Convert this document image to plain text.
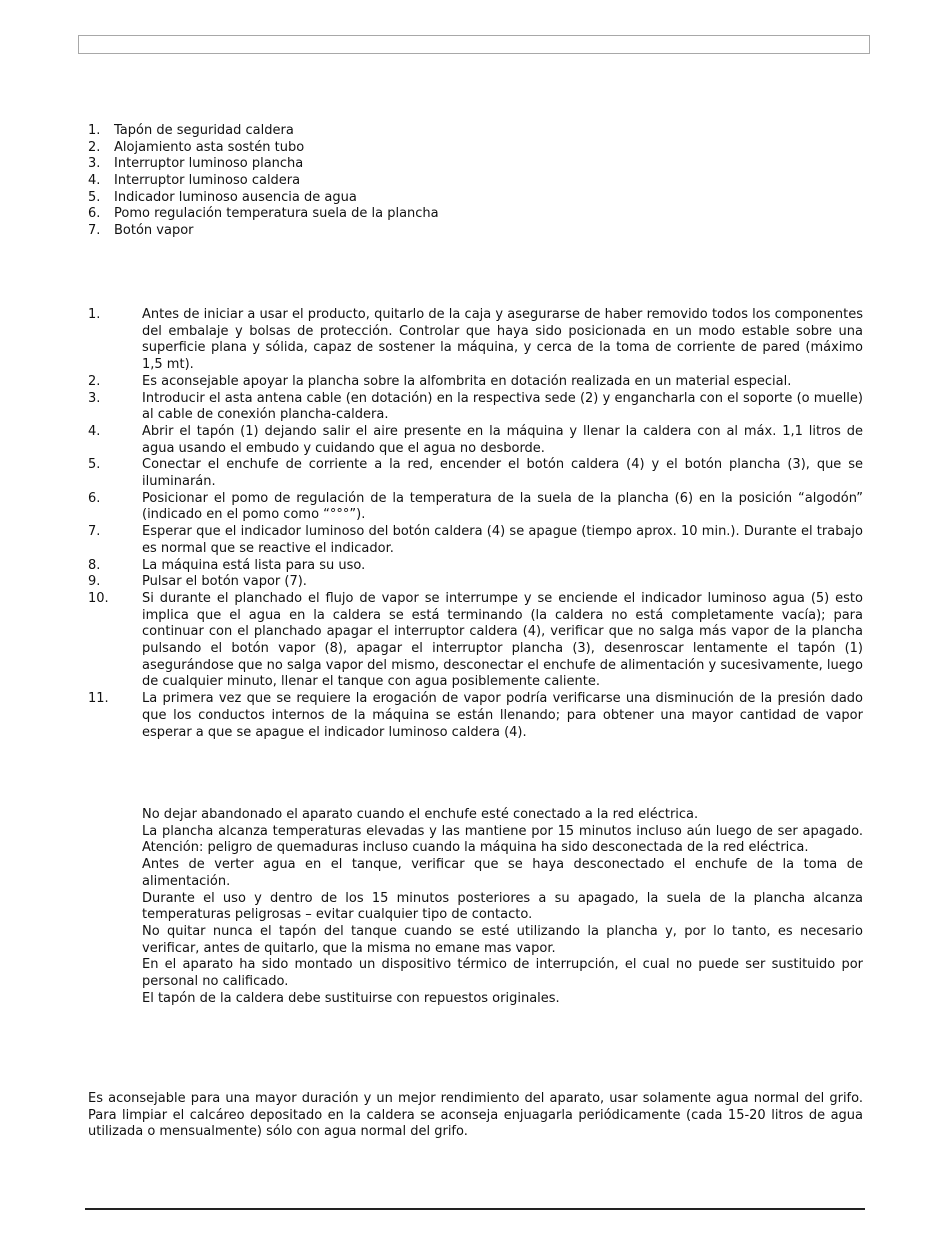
1.	Tapón de seguridad caldera
2.	Alojamiento asta sostén tubo
3.	Interruptor luminoso plancha
4.	Interruptor luminoso caldera
5.	Indicador luminoso ausencia de agua
6.	Pomo regulación temperatura suela de la plancha
7.	Botón vapor
1.	Antes de iniciar a usar el producto, quitarlo de la caja y asegurarse de haber removido todos los componentes del embalaje y bolsas de protección. Controlar que haya sido posicionada en un modo estable sobre una superficie plana y sólida, capaz de sostener la máquina, y cerca de la toma de corriente de pared (máximo 1,5 mt).
2.	Es aconsejable apoyar la plancha sobre la alfombrita en dotación realizada en un material especial.
3.	Introducir el asta antena cable (en dotación) en la respectiva sede (2) y engancharla con el soporte (o muelle) al cable de conexión plancha-caldera.
4.	Abrir el tapón (1) dejando salir el aire presente en la máquina y llenar la caldera con al máx. 1,1 litros de agua usando el embudo y cuidando que el agua no desborde.
5.	Conectar el enchufe de corriente a la red, encender el botón caldera (4) y el botón plancha (3), que se iluminarán.
6.	Posicionar el pomo de regulación de la temperatura de la suela de la plancha (6) en la posición “algodón” (indicado en el pomo como “°°°”).
7.	Esperar que el indicador luminoso del botón caldera (4) se apague (tiempo aprox. 10 min.). Durante el trabajo es normal que se reactive el indicador.
8.	La máquina está lista para su uso.
9.	Pulsar el botón vapor (7).
10.	Si durante el planchado el flujo de vapor se interrumpe y se enciende el indicador luminoso agua (5) esto implica que el agua en la caldera se está terminando (la caldera no está completamente vacía); para continuar con el planchado apagar el interruptor caldera (4), verificar que no salga más vapor de la plancha pulsando el botón vapor (8), apagar el interruptor plancha (3), desenroscar lentamente el tapón (1) asegurándose que no salga vapor del mismo, desconectar el enchufe de alimentación y sucesivamente, luego de cualquier minuto, llenar el tanque con agua posiblemente caliente.
11.	La primera vez que se requiere la erogación de vapor podría verificarse una disminución de la presión dado que los conductos internos de la máquina se están llenando; para obtener una mayor cantidad de vapor esperar a que se apague el indicador luminoso caldera (4).

No dejar abandonado el aparato cuando el enchufe esté conectado a la red eléctrica.

La plancha alcanza temperaturas elevadas y las mantiene por 15 minutos incluso aún luego de ser apagado. Atención: peligro de quemaduras incluso cuando la máquina ha sido desconectada de la red eléctrica.

Antes de verter agua en el tanque, verificar que se haya desconectado el enchufe de la toma de alimentación.

Durante el uso y dentro de los 15 minutos posteriores a su apagado, la suela de la plancha alcanza temperaturas peligrosas – evitar cualquier tipo de contacto.

No quitar nunca el tapón del tanque cuando se esté utilizando la plancha y, por lo tanto, es necesario verificar, antes de quitarlo, que la misma no emane mas vapor.

En el aparato ha sido montado un dispositivo térmico de interrupción, el cual no puede ser sustituido por personal no calificado.

El tapón de la caldera debe sustituirse con repuestos originales.

Es aconsejable para una mayor duración y un mejor rendimiento del aparato, usar solamente agua normal del grifo. Para limpiar el calcáreo depositado en la caldera se aconseja enjuagarla periódicamente (cada 15-20 litros de agua utilizada o mensualmente) sólo con agua normal del grifo.
